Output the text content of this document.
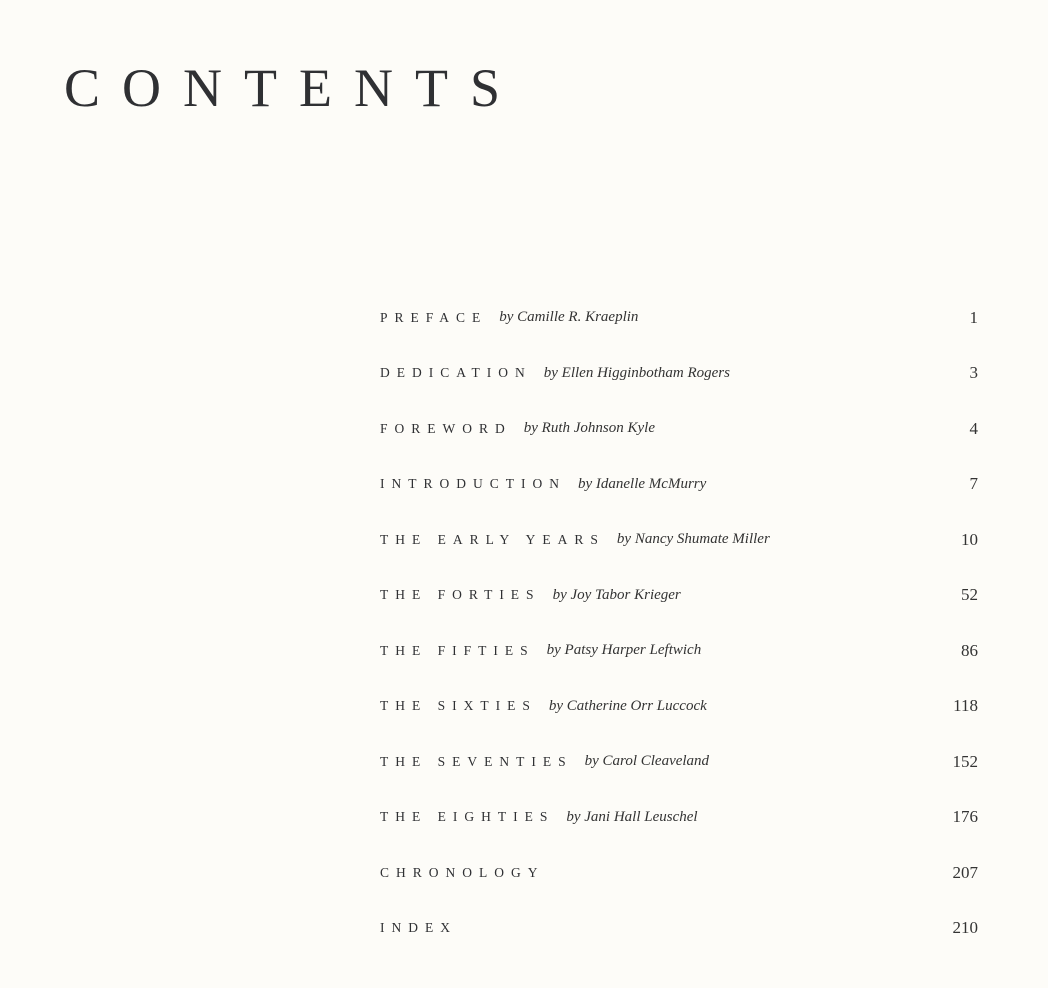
CONTENTS
PREFACE by Camille R. Kraeplin	1
DEDICATION by Ellen Higginbotham Rogers	3
FOREWORD by Ruth Johnson Kyle	4
INTRODUCTION by Idanelle McMurry	7
THE EARLY YEARS by Nancy Shumate Miller	10
THE FORTIES by Joy Tabor Krieger	52
THE FIFTIES by Patsy Harper Leftwich	86
THE SIXTIES by Catherine Orr Luccock	118
THE SEVENTIES by Carol Cleaveland	152
THE EIGHTIES by Jani Hall Leuschel	176
CHRONOLOGY	207
INDEX	210
